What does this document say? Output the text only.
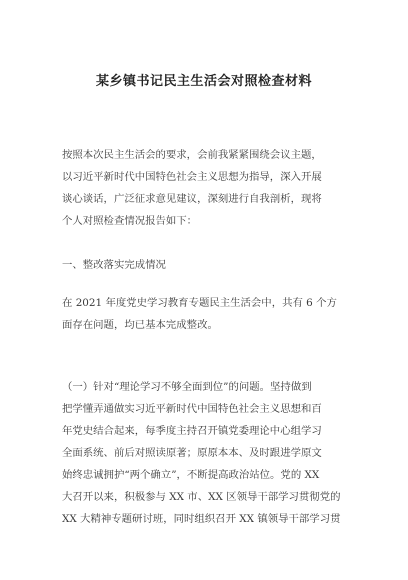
某乡镇书记民主生活会对照检查材料
按照本次民主生活会的要求，会前我紧紧围绕会议主题，
以习近平新时代中国特色社会主义思想为指导，深入开展
谈心谈话，广泛征求意见建议，深刻进行自我剖析，现将
个人对照检查情况报告如下：
一、整改落实完成情况
在 2021 年度党史学习教育专题民主生活会中，共有 6 个方
面存在问题，均已基本完成整改。
（一）针对“理论学习不够全面到位”的问题。坚持做到
把学懂弄通做实习近平新时代中国特色社会主义思想和百
年党史结合起来，每季度主持召开镇党委理论中心组学习
全面系统、前后对照读原著；原原本本、及时跟进学原文
始终忠诚拥护“两个确立”，不断提高政治站位。党的 XX
大召开以来，积极参与 XX 市、XX 区领导干部学习贯彻党的
XX 大精神专题研讨班，同时组织召开 XX 镇领导干部学习贯
